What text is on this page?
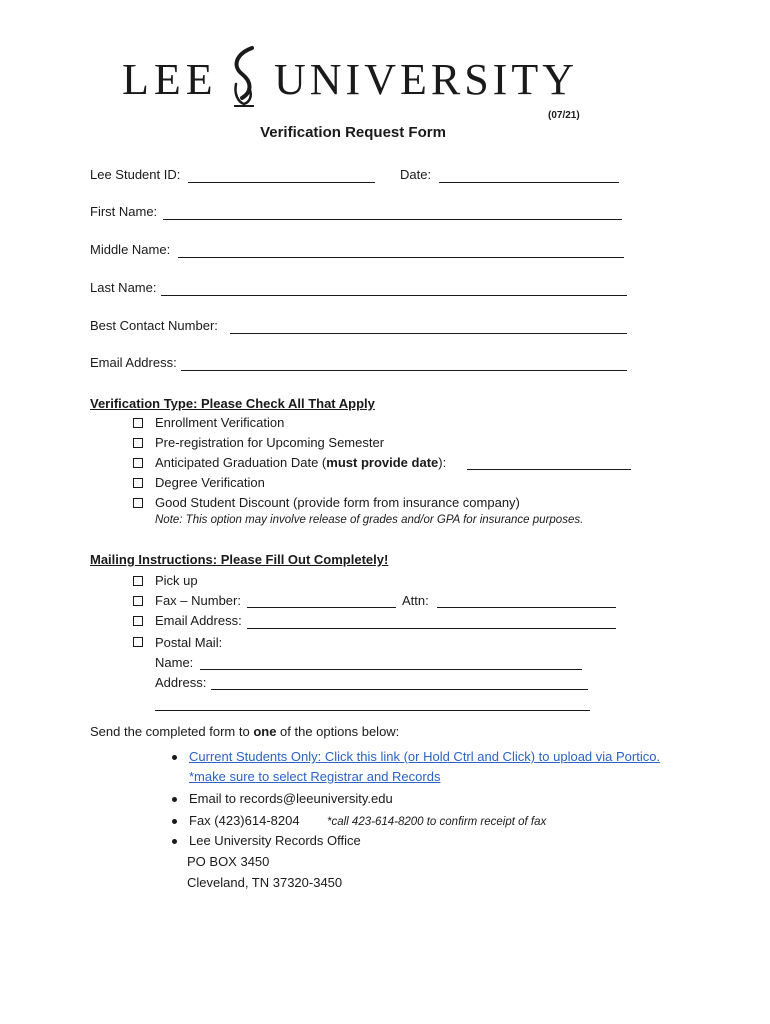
LEE UNIVERSITY
(07/21)
Verification Request Form
Lee Student ID:	Date:
First Name:
Middle Name:
Last Name:
Best Contact Number:
Email Address:
Verification Type: Please Check All That Apply
Enrollment Verification
Pre-registration for Upcoming Semester
Anticipated Graduation Date (must provide date):
Degree Verification
Good Student Discount (provide form from insurance company)
Note: This option may involve release of grades and/or GPA for insurance purposes.
Mailing Instructions: Please Fill Out Completely!
Pick up
Fax – Number:	Attn:
Email Address:
Postal Mail:
Name:
Address:
Send the completed form to one of the options below:
Current Students Only: Click this link (or Hold Ctrl and Click) to upload via Portico.
*make sure to select Registrar and Records
Email to records@leeuniversity.edu
Fax (423)614-8204 *call 423-614-8200 to confirm receipt of fax
Lee University Records Office
PO BOX 3450
Cleveland, TN 37320-3450
